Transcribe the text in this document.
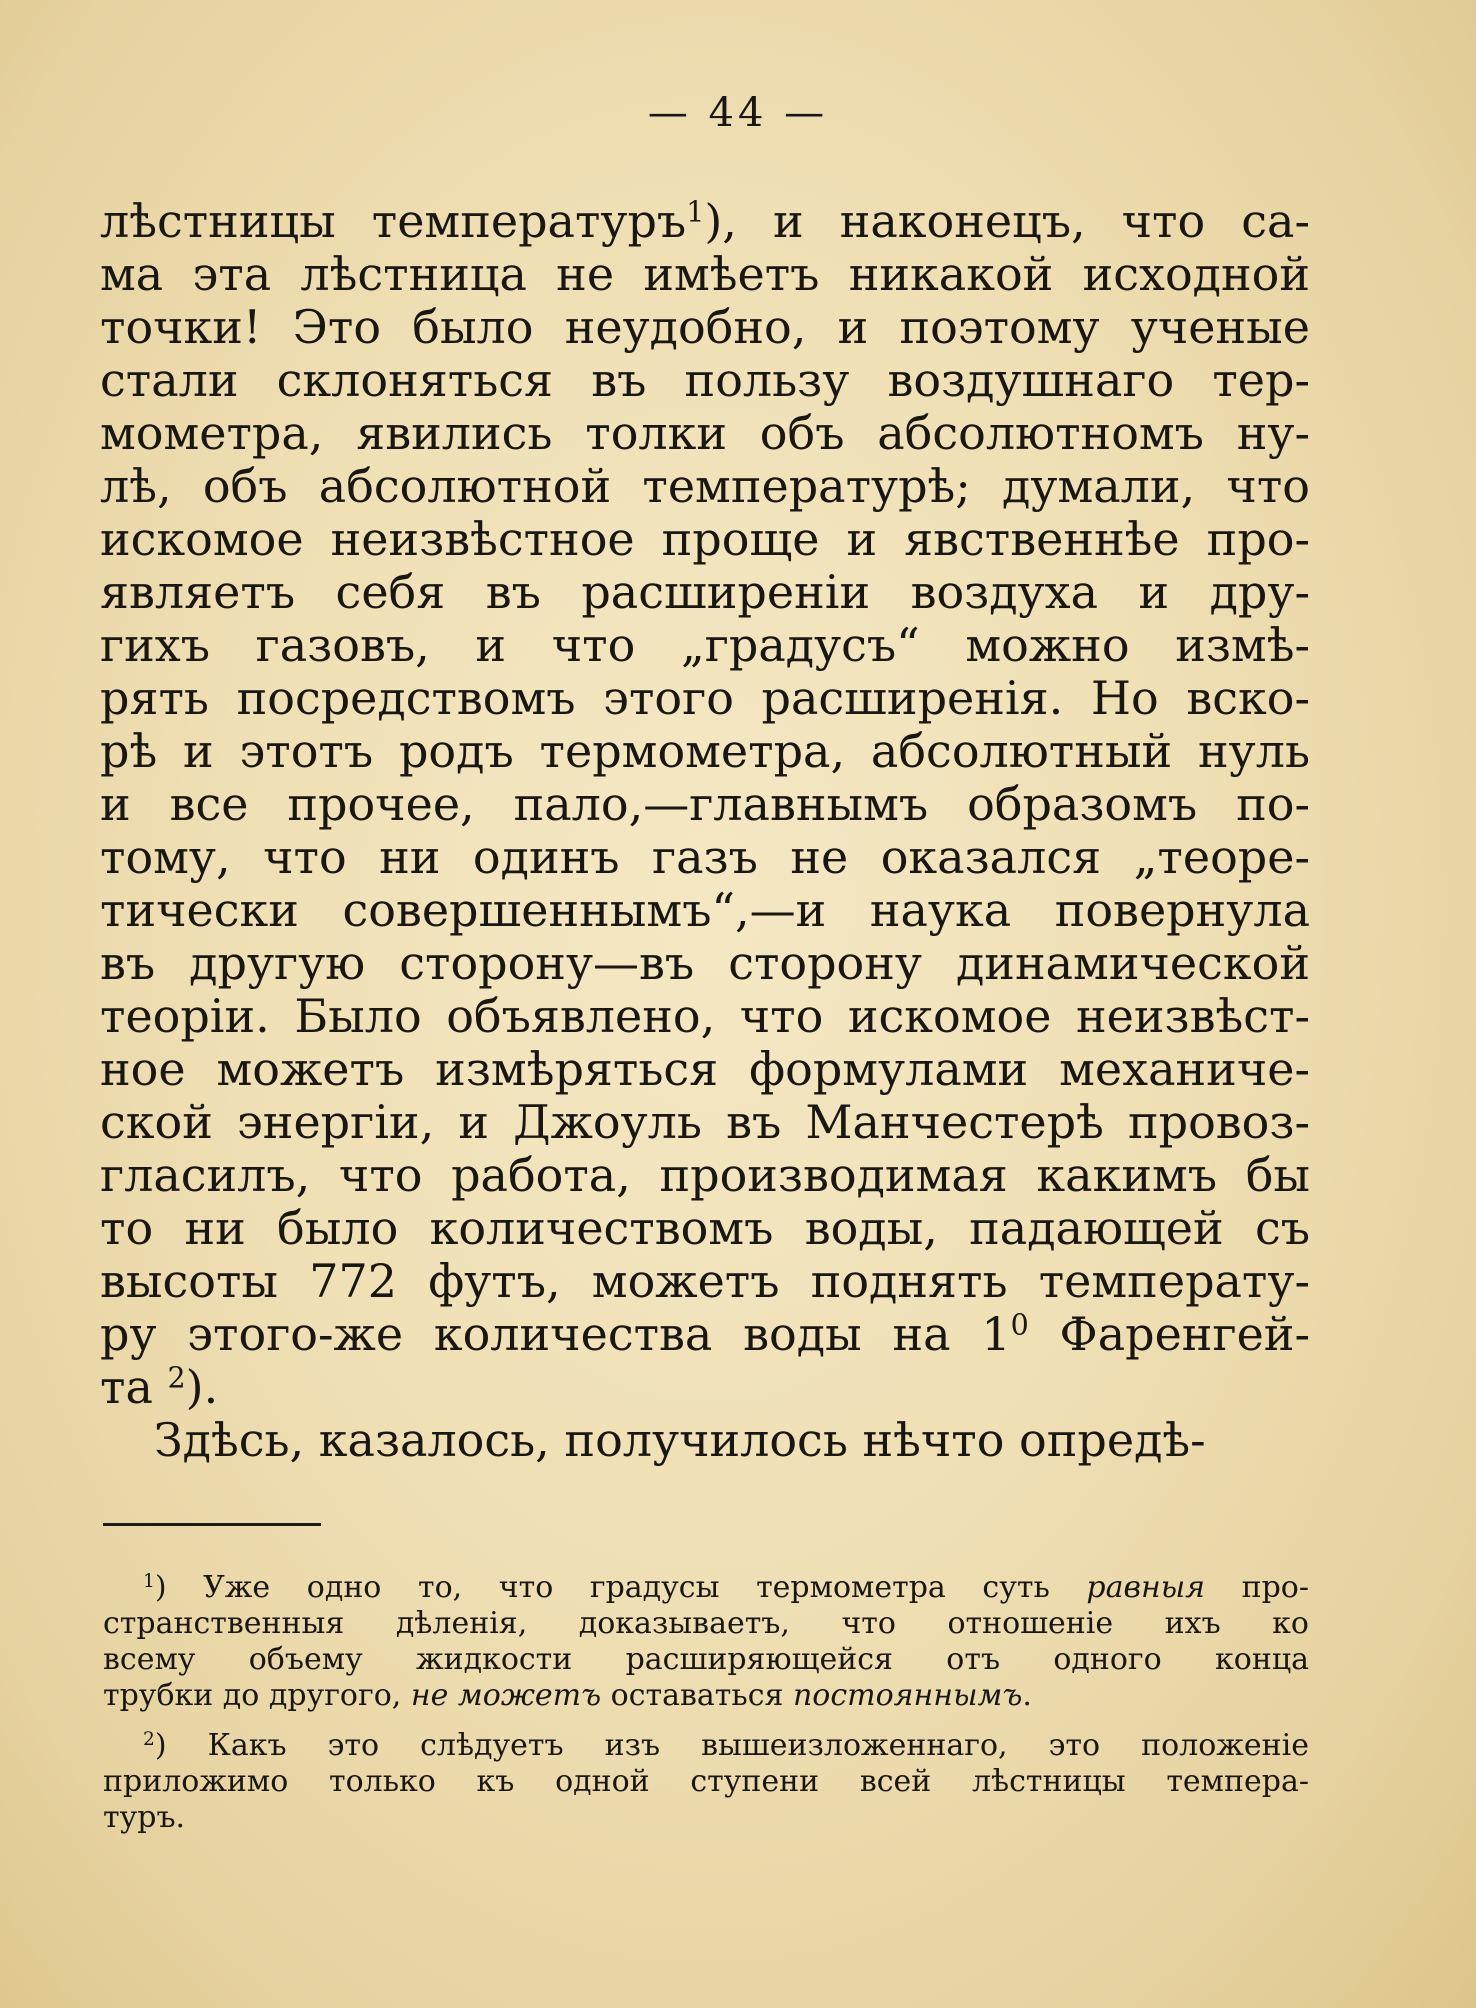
— 44 —
лѣстницы температуръ$^1$), и наконецъ, что са-
ма эта лѣстница не имѣетъ никакой исходной
точки! Это было неудобно, и поэтому ученые
стали склоняться въ пользу воздушнаго тер-
мометра, явились толки объ абсолютномъ ну-
лѣ, объ абсолютной температурѣ; думали, что
искомое неизвѣстное проще и явственнѣе про-
являетъ себя въ расширеніи воздуха и дру-
гихъ газовъ, и что „градусъ“ можно измѣ-
рять посредствомъ этого расширенія. Но вско-
рѣ и этотъ родъ термометра, абсолютный нуль
и все прочее, пало,—главнымъ образомъ по-
тому, что ни одинъ газъ не оказался „теоре-
тически совершеннымъ“,—и наука повернула
въ другую сторону—въ сторону динамической
теоріи. Было объявлено, что искомое неизвѣст-
ное можетъ измѣряться формулами механиче-
ской энергіи, и Джоуль въ Манчестерѣ провоз-
гласилъ, что работа, производимая какимъ бы
то ни было количествомъ воды, падающей съ
высоты 772 футъ, можетъ поднять температу-
ру этого-же количества воды на $1^0$ Фаренгей-
та $^2$).
Здѣсь, казалось, получилось нѣчто опредѣ-
$^1$) Уже одно то, что градусы термометра суть равныя про-
странственныя дѣленія, доказываетъ, что отношеніе ихъ ко
всему объему жидкости расширяющейся отъ одного конца
трубки до другого, не можетъ оставаться постояннымъ.
$^2$) Какъ это слѣдуетъ изъ вышеизложеннаго, это положеніе
приложимо только къ одной ступени всей лѣстницы темпера-
туръ.
